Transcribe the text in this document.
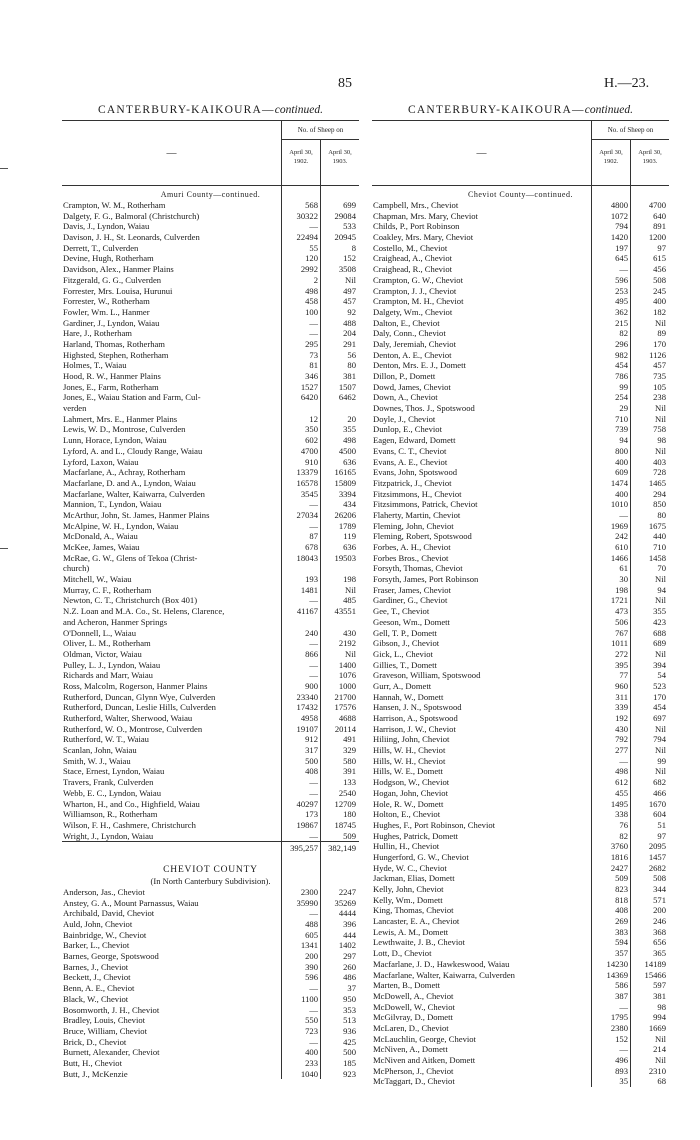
85	H.—23.
CANTERBURY-KAIKOURA—continued.
—
No. of Sheep on
April 30, 1902.
April 30, 1903.
Amuri County—continued.
Crampton, W. M., Rotherham	568	699
Dalgety, F. G., Balmoral (Christchurch)	30322	29084
Davis, J., Lyndon, Waiau	—	533
Davison, J. H., St. Leonards, Culverden	22494	20945
Derrett, T., Culverden	55	8
Devine, Hugh, Rotherham	120	152
Davidson, Alex., Hanmer Plains	2992	3508
Fitzgerald, G. G., Culverden	2	Nil
Forrester, Mrs. Louisa, Hurunui	498	497
Forrester, W., Rotherham	458	457
Fowler, Wm. L., Hanmer	100	92
Gardiner, J., Lyndon, Waiau	—	488
Hare, J., Rotherham	—	204
Harland, Thomas, Rotherham	295	291
Highsted, Stephen, Rotherham	73	56
Holmes, T., Waiau	81	80
Hood, R. W., Hanmer Plains	346	381
Jones, E., Farm, Rotherham	1527	1507
Jones, E., Waiau Station and Farm, Cul-	6420	6462
verden
Lahmert, Mrs. E., Hanmer Plains	12	20
Lewis, W. D., Montrose, Culverden	350	355
Lunn, Horace, Lyndon, Waiau	602	498
Lyford, A. and L., Cloudy Range, Waiau	4700	4500
Lyford, Laxon, Waiau	910	636
Macfarlane, A., Achray, Rotherham	13379	16165
Macfarlane, D. and A., Lyndon, Waiau	16578	15809
Macfarlane, Walter, Kaiwarra, Culverden	3545	3394
Mannion, T., Lyndon, Waiau	—	434
McArthur, John, St. James, Hanmer Plains	27034	26206
McAlpine, W. H., Lyndon, Waiau	—	1789
McDonald, A., Waiau	87	119
McKee, James, Waiau	678	636
McRae, G. W., Glens of Tekoa (Christ-	18043	19503
church)
Mitchell, W., Waiau	193	198
Murray, C. F., Rotherham	1481	Nil
Newton, C. T., Christchurch (Box 401)	—	485
N.Z. Loan and M.A. Co., St. Helens, Clarence,	41167	43551
and Acheron, Hanmer Springs
O'Donnell, L., Waiau	240	430
Oliver, L. M., Rotherham	—	2192
Oldman, Victor, Waiau	866	Nil
Pulley, L. J., Lyndon, Waiau	—	1400
Richards and Marr, Waiau	—	1076
Ross, Malcolm, Rogerson, Hanmer Plains	900	1000
Rutherford, Duncan, Glynn Wye, Culverden	23340	21700
Rutherford, Duncan, Leslie Hills, Culverden	17432	17576
Rutherford, Walter, Sherwood, Waiau	4958	4688
Rutherford, W. O., Montrose, Culverden	19107	20114
Rutherford, W. T., Waiau	912	491
Scanlan, John, Waiau	317	329
Smith, W. J., Waiau	500	580
Stace, Ernest, Lyndon, Waiau	408	391
Travers, Frank, Culverden	—	133
Webb, E. C., Lyndon, Waiau	—	2540
Wharton, H., and Co., Highfield, Waiau	40297	12709
Williamson, R., Rotherham	173	180
Wilson, F. H., Cashmere, Christchurch	19867	18745
Wright, J., Lyndon, Waiau	—	509
395,257	382,149
CHEVIOT COUNTY
(In North Canterbury Subdivision).
Anderson, Jas., Cheviot	2300	2247
Anstey, G. A., Mount Parnassus, Waiau	35990	35269
Archibald, David, Cheviot	—	4444
Auld, John, Cheviot	488	396
Bainbridge, W., Cheviot	605	444
Barker, L., Cheviot	1341	1402
Barnes, George, Spotswood	200	297
Barnes, J., Cheviot	390	260
Beckett, J., Cheviot	596	486
Benn, A. E., Cheviot	—	37
Black, W., Cheviot	1100	950
Bosomworth, J. H., Cheviot	—	353
Bradley, Louis, Cheviot	550	513
Bruce, William, Cheviot	723	936
Brick, D., Cheviot	—	425
Burnett, Alexander, Cheviot	400	500
Butt, H., Cheviot	233	185
Butt, J., McKenzie	1040	923
CANTERBURY-KAIKOURA—continued.
—
No. of Sheep on
April 30, 1902.
April 30, 1903.
Cheviot County—continued.
Campbell, Mrs., Cheviot	4800	4700
Chapman, Mrs. Mary, Cheviot	1072	640
Childs, P., Port Robinson	794	891
Coakley, Mrs. Mary, Cheviot	1420	1200
Costello, M., Cheviot	197	97
Craighead, A., Cheviot	645	615
Craighead, R., Cheviot	—	456
Crampton, G. W., Cheviot	596	508
Crampton, J. J., Cheviot	253	245
Crampton, M. H., Cheviot	495	400
Dalgety, Wm., Cheviot	362	182
Dalton, E., Cheviot	215	Nil
Daly, Conn., Cheviot	82	89
Daly, Jeremiah, Cheviot	296	170
Denton, A. E., Cheviot	982	1126
Denton, Mrs. E. J., Domett	454	457
Dillon, P., Domett	786	735
Dowd, James, Cheviot	99	105
Down, A., Cheviot	254	238
Downes, Thos. J., Spotswood	29	Nil
Doyle, J., Cheviot	710	Nil
Dunlop, E., Cheviot	739	758
Eagen, Edward, Domett	94	98
Evans, C. T., Cheviot	800	Nil
Evans, A. E., Cheviot	400	403
Evans, John, Spotswood	609	728
Fitzpatrick, J., Cheviot	1474	1465
Fitzsimmons, H., Cheviot	400	294
Fitzsimmons, Patrick, Cheviot	1010	850
Flaherty, Martin, Cheviot	—	80
Fleming, John, Cheviot	1969	1675
Fleming, Robert, Spotswood	242	440
Forbes, A. H., Cheviot	610	710
Forbes Bros., Cheviot	1466	1458
Forsyth, Thomas, Cheviot	61	70
Forsyth, James, Port Robinson	30	Nil
Fraser, James, Cheviot	198	94
Gardiner, G., Cheviot	1721	Nil
Gee, T., Cheviot	473	355
Geeson, Wm., Domett	506	423
Gell, T. P., Domett	767	688
Gibson, J., Cheviot	1011	689
Gick, L., Cheviot	272	Nil
Gillies, T., Domett	395	394
Graveson, William, Spotswood	77	54
Gurr, A., Domett	960	523
Hannah, W., Domett	311	170
Hansen, J. N., Spotswood	339	454
Harrison, A., Spotswood	192	697
Harrison, J. W., Cheviot	430	Nil
Hiliing, John, Cheviot	792	794
Hills, W. H., Cheviot	277	Nil
Hills, W. H., Cheviot	—	99
Hills, W. E., Domett	498	Nil
Hodgson, W., Cheviot	612	682
Hogan, John, Cheviot	455	466
Hole, R. W., Domett	1495	1670
Holton, E., Cheviot	338	604
Hughes, F., Port Robinson, Cheviot	76	51
Hughes, Patrick, Domett	82	97
Hullin, H., Cheviot	3760	2095
Hungerford, G. W., Cheviot	1816	1457
Hyde, W. C., Cheviot	2427	2682
Jackman, Elias, Domett	509	508
Kelly, John, Cheviot	823	344
Kelly, Wm., Domett	818	571
King, Thomas, Cheviot	408	200
Lancaster, E. A., Cheviot	269	246
Lewis, A. M., Domett	383	368
Lewthwaite, J. B., Cheviot	594	656
Lott, D., Cheviot	357	365
Macfarlane, J. D., Hawkeswood, Waiau	14230	14189
Macfarlane, Walter, Kaiwarra, Culverden	14369	15466
Marten, B., Domett	586	597
McDowell, A., Cheviot	387	381
McDowell, W., Cheviot	—	98
McGilvray, D., Domett	1795	994
McLaren, D., Cheviot	2380	1669
McLauchlin, George, Cheviot	152	Nil
McNiven, A., Domett	—	214
McNiven and Aitken, Domett	496	Nil
McPherson, J., Cheviot	893	2310
McTaggart, D., Cheviot	35	68
